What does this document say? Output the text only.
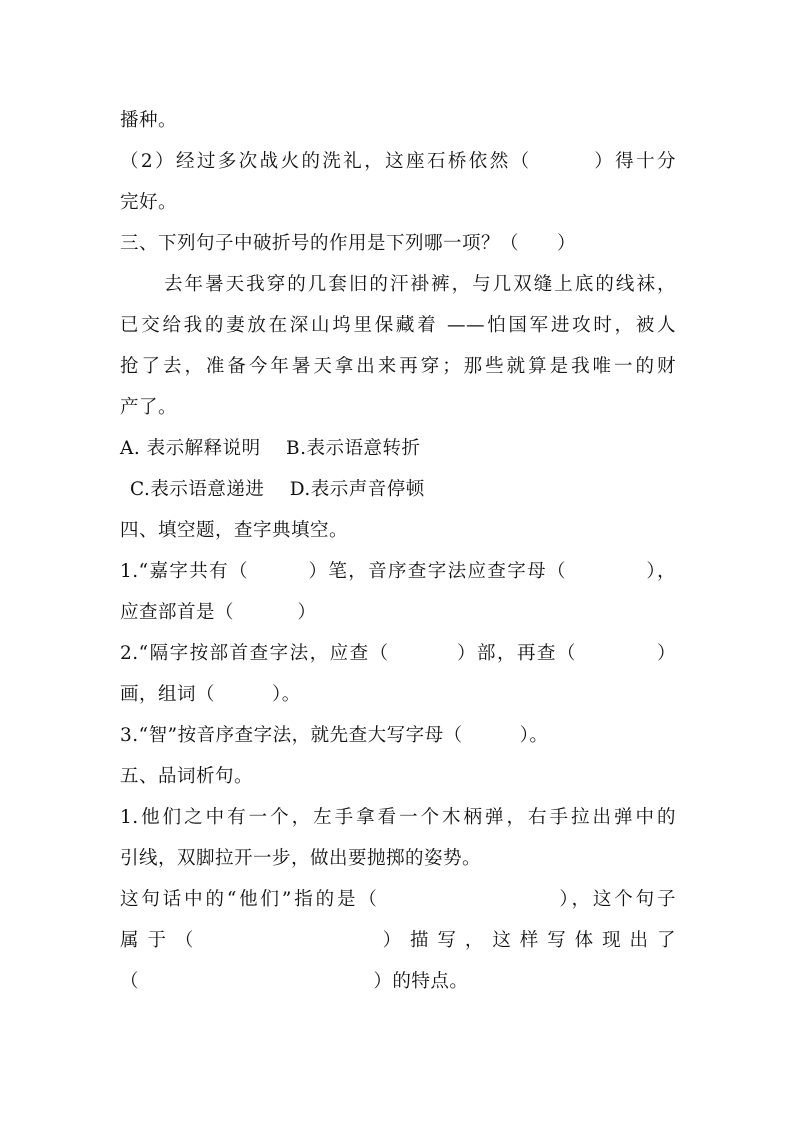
播种。
（2）经过多次战火的洗礼，这座石桥依然（　　　）得十分
完好。
三、下列句子中破折号的作用是下列哪一项？（　　）
去年暑天我穿的几套旧的汗褂裤，与几双缝上底的线袜，
已交给我的妻放在深山坞里保藏着 ——怕国军进攻时，被人
抢了去，准备今年暑天拿出来再穿；那些就算是我唯一的财
产了。
A. 表示解释说明　 B.表示语意转折
C.表示语意递进　 D.表示声音停顿
四、填空题，查字典填空。
1.“嘉字共有（　　　）笔，音序查字法应查字母（　　　　），
应查部首是（　　　 ）
2.“隔字按部首查字法，应查（　　　 ）部，再查（　　　　）
画，组词（　　　）。
3.“智”按音序查字法，就先查大写字母（　　　）。
五、品词析句。
1.他们之中有一个，左手拿看一个木柄弹，右手拉出弹中的
引线，双脚拉开一步，做出要抛掷的姿势。
这句话中的“他们”指的是（　　　　　　　　 ），这个句子
属 于 （　　　　　　　　　 ） 描 写 ， 这 样 写 体 现 出 了
（　　　　　　　　　　　　 ）的特点。
